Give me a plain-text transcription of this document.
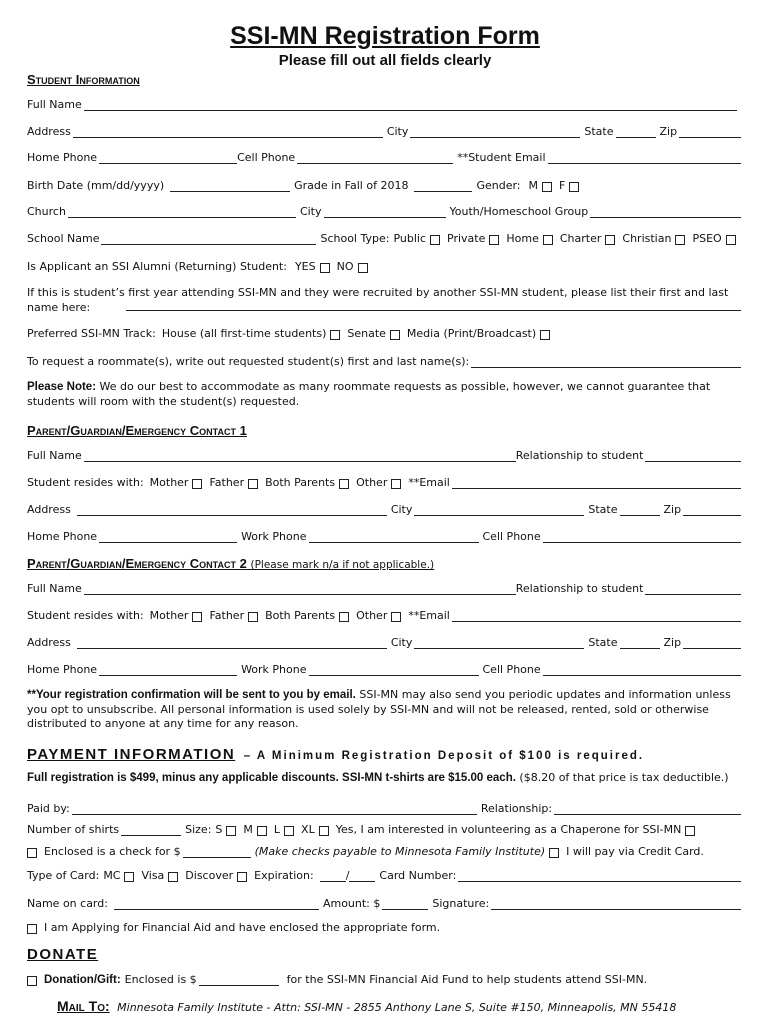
SSI-MN Registration Form
Please fill out all fields clearly
Student Information
Full Name
Address	City	State	Zip
Home Phone	Cell Phone	**Student Email
Birth Date (mm/dd/yyyy)	Grade in Fall of 2018	Gender: M F
Church	City	Youth/Homeschool Group
School Name	School Type: Public Private Home Charter Christian PSEO
Is Applicant an SSI Alumni (Returning) Student: YES NO
If this is student’s first year attending SSI-MN and they were recruited by another SSI-MN student, please list their first and last name here:
Preferred SSI-MN Track: House (all first-time students) Senate Media (Print/Broadcast)
To request a roommate(s), write out requested student(s) first and last name(s):
Please Note: We do our best to accommodate as many roommate requests as possible, however, we cannot guarantee that students will room with the student(s) requested.
Parent/Guardian/Emergency Contact 1
Full Name	Relationship to student
Student resides with: Mother Father Both Parents Other **Email
Address	City	State	Zip
Home Phone	Work Phone	Cell Phone
Parent/Guardian/Emergency Contact 2 (Please mark n/a if not applicable.)
Full Name	Relationship to student
Student resides with: Mother Father Both Parents Other **Email
Address	City	State	Zip
Home Phone	Work Phone	Cell Phone
**Your registration confirmation will be sent to you by email. SSI-MN may also send you periodic updates and information unless you opt to unsubscribe. All personal information is used solely by SSI-MN and will not be released, rented, sold or otherwise distributed to anyone at any time for any reason.
PAYMENT INFORMATION – A Minimum Registration Deposit of $100 is required.
Full registration is $499, minus any applicable discounts. SSI-MN t-shirts are $15.00 each. ($8.20 of that price is tax deductible.)
Paid by:	Relationship:
Number of shirts	Size: S M L XL Yes, I am interested in volunteering as a Chaperone for SSI-MN
Enclosed is a check for $	(Make checks payable to Minnesota Family Institute) I will pay via Credit Card.
Type of Card: MC Visa Discover Expiration:	/	Card Number:
Name on card:	Amount: $	Signature:
I am Applying for Financial Aid and have enclosed the appropriate form.
DONATE
Donation/Gift: Enclosed is $	for the SSI-MN Financial Aid Fund to help students attend SSI-MN.
Mail To: Minnesota Family Institute - Attn: SSI-MN - 2855 Anthony Lane S, Suite #150, Minneapolis, MN 55418
